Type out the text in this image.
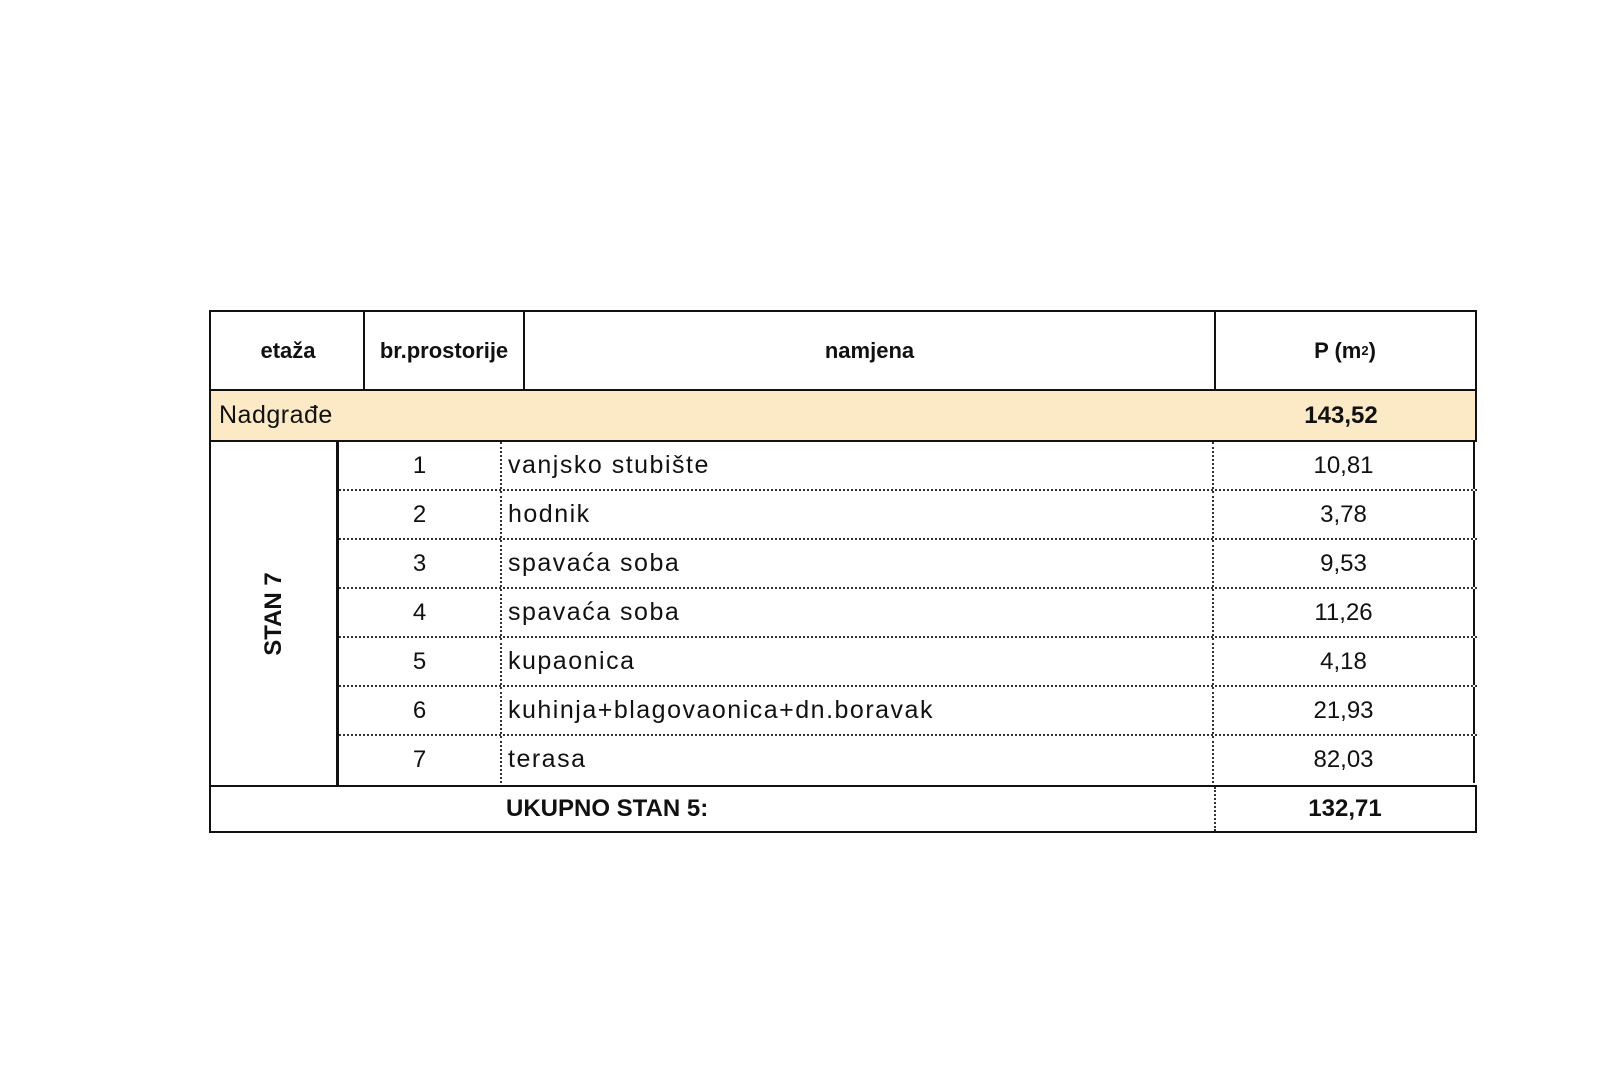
etaža	br.prostorije	namjena	P (m 2 )
Nadgrađe	143,52
STAN 7
1	vanjsko stubište	10,81
2	hodnik	3,78
3	spavaća soba	9,53
4	spavaća soba	11,26
5	kupaonica	4,18
6	kuhinja+blagovaonica+dn.boravak	21,93
7	terasa	82,03
UKUPNO STAN 5:	132,71
